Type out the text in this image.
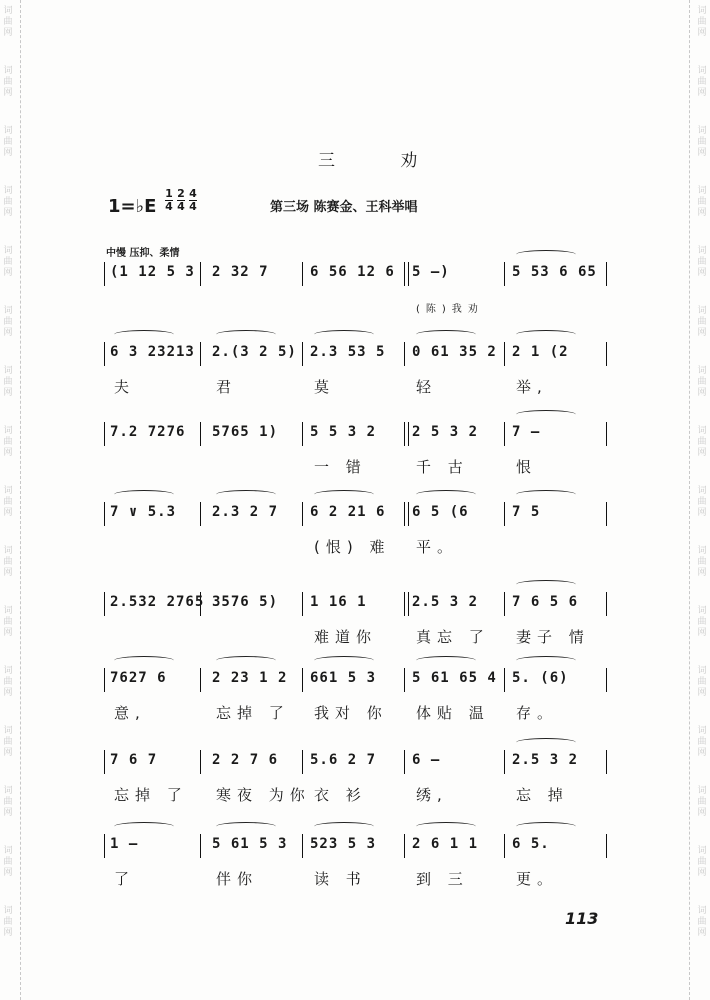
词
曲
网
词
曲
网
词
曲
网
词
曲
网
词
曲
网
词
曲
网
词
曲
网
词
曲
网
词
曲
网
词
曲
网
词
曲
网
词
曲
网
词
曲
网
词
曲
网
词
曲
网
词
曲
网
词
曲
网
词
曲
网
词
曲
网
词
曲
网
词
曲
网
词
曲
网
词
曲
网
词
曲
网
词
曲
网
词
曲
网
词
曲
网
词
曲
网
词
曲
网
词
曲
网
词
曲
网
词
曲
网
三 劝
1=♭E $\frac{1}{4} \frac{2}{4} \frac{4}{4}$	第三场 陈赛金、王科举唱
中慢 压抑、柔情
(1 12 5 3 2 32 7	6 56 12 6 5 —)	5 53 6 65
(陈)我劝
6 3 23213 2.(3 2 5) 2.3 53 5 0 61 35 2 2 1 (2
夫	君	莫	轻	举,
7.2 7276 5765 1) 5 5 3 2	2 5 3 2 7 —
一 错	千 古	恨
7 ∨ 5.3	2.3 2 7 6 2 21 6 6 5 (6	7 5
(恨) 难 平。
2.532 2765 3576 5) 1 16 1	2.5 3 2 7 6 5 6
难道你	真忘 了 妻子 情
7627 6	2 23 1 2 661 5 3	5 61 65 4 5. (6)
意,	忘掉 了 我对 你 体贴 温 存。
7 6 7	2 2 7 6 5.6 2 7	6 —	2.5 3 2
忘掉 了 寒夜 为你 衣 衫	绣,	忘 掉
1 —	5 61 5 3 523 5 3	2 6 1 1 6 5.
了	伴你	读 书	到 三	更。
113
